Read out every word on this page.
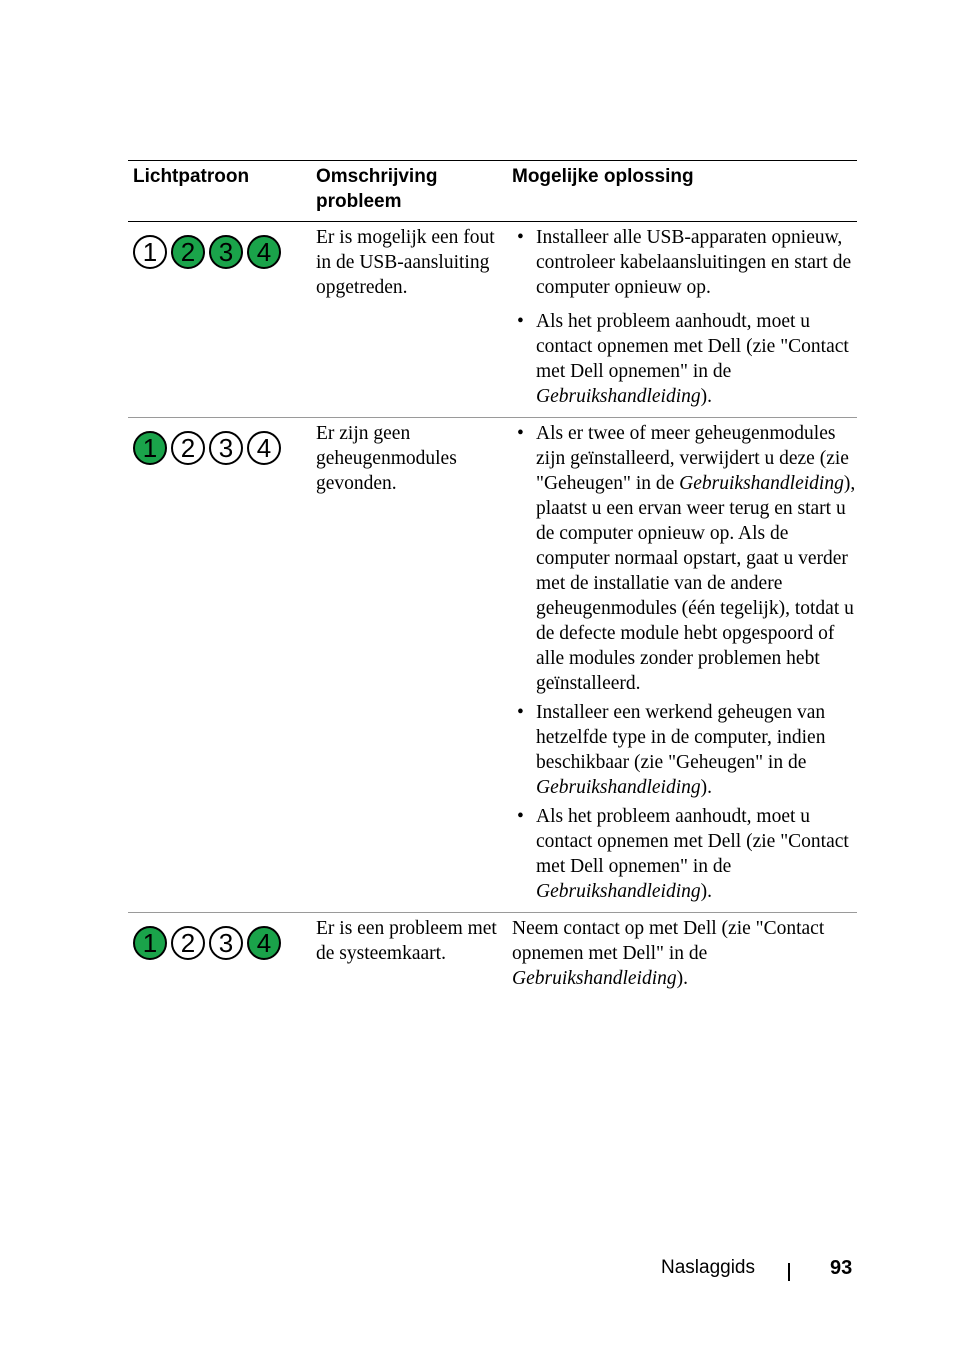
Lichtpatroon	Omschrijving probleem
Mogelijke oplossing
1 2 3 4	Er is mogelijk een fout in de USB-aansluiting opgetreden.
• Installeer alle USB-apparaten opnieuw, controleer kabelaansluitingen en start de computer opnieuw op.
• Als het probleem aanhoudt, moet u contact opnemen met Dell (zie "Contact met Dell opnemen" in de Gebruikshandleiding).
1 2 3 4	Er zijn geen geheugenmodules gevonden.
• Als er twee of meer geheugenmodules zijn geïnstalleerd, verwijdert u deze (zie "Geheugen" in de Gebruikshandleiding), plaatst u een ervan weer terug en start u de computer opnieuw op. Als de computer normaal opstart, gaat u verder met de installatie van de andere geheugenmodules (één tegelijk), totdat u de defecte module hebt opgespoord of alle modules zonder problemen hebt geïnstalleerd.
• Installeer een werkend geheugen van hetzelfde type in de computer, indien beschikbaar (zie "Geheugen" in de Gebruikshandleiding).
• Als het probleem aanhoudt, moet u contact opnemen met Dell (zie "Contact met Dell opnemen" in de Gebruikshandleiding).
1 2 3 4	Er is een probleem met de systeemkaart.
Neem contact op met Dell (zie "Contact opnemen met Dell" in de Gebruikshandleiding).
Naslaggids	93
